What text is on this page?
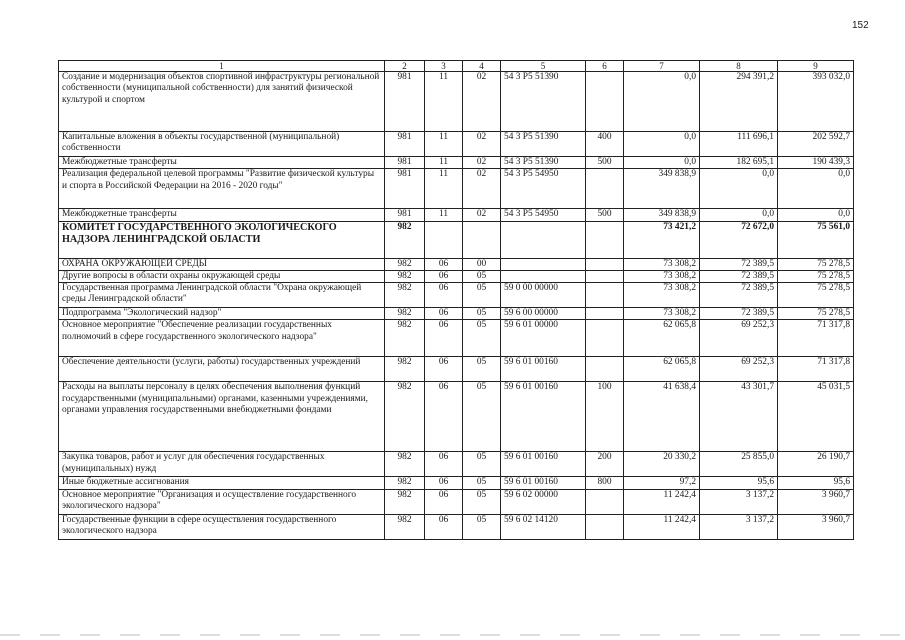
152
1	2	3	4	5	6	7	8	9
Создание и модернизация объектов спортивной инфраструктуры региональной собственности (муниципальной собственности) для занятий физической культурой и спортом	981	11	02	54 3 Р5 51390		0,0	294 391,2	393 032,0
Капитальные вложения в объекты государственной (муниципальной) собственности	981	11	02	54 3 Р5 51390	400	0,0	111 696,1	202 592,7
Межбюджетные трансферты	981	11	02	54 3 Р5 51390	500	0,0	182 695,1	190 439,3
Реализация федеральной целевой программы "Развитие физической культуры и спорта в Российской Федерации на 2016 - 2020 годы"	981	11	02	54 3 Р5 54950		349 838,9	0,0	0,0
Межбюджетные трансферты	981	11	02	54 3 Р5 54950	500	349 838,9	0,0	0,0
КОМИТЕТ ГОСУДАРСТВЕННОГО ЭКОЛОГИЧЕСКОГО НАДЗОРА ЛЕНИНГРАДСКОЙ ОБЛАСТИ	982					73 421,2	72 672,0	75 561,0
ОХРАНА ОКРУЖАЮЩЕЙ СРЕДЫ	982	06	00			73 308,2	72 389,5	75 278,5
Другие вопросы в области охраны окружающей среды	982	06	05			73 308,2	72 389,5	75 278,5
Государственная программа Ленинградской области "Охрана окружающей среды Ленинградской области"	982	06	05	59 0 00 00000		73 308,2	72 389,5	75 278,5
Подпрограмма "Экологический надзор"	982	06	05	59 6 00 00000		73 308,2	72 389,5	75 278,5
Основное мероприятие "Обеспечение реализации государственных полномочий в сфере государственного экологического надзора"	982	06	05	59 6 01 00000		62 065,8	69 252,3	71 317,8
Обеспечение деятельности (услуги, работы) государственных учреждений	982	06	05	59 6 01 00160		62 065,8	69 252,3	71 317,8
Расходы на выплаты персоналу в целях обеспечения выполнения функций государственными (муниципальными) органами, казенными учреждениями, органами управления государственными внебюджетными фондами	982	06	05	59 6 01 00160	100	41 638,4	43 301,7	45 031,5
Закупка товаров, работ и услуг для обеспечения государственных (муниципальных) нужд	982	06	05	59 6 01 00160	200	20 330,2	25 855,0	26 190,7
Иные бюджетные ассигнования	982	06	05	59 6 01 00160	800	97,2	95,6	95,6
Основное мероприятие "Организация и осуществление государственного экологического надзора"	982	06	05	59 6 02 00000		11 242,4	3 137,2	3 960,7
Государственные функции в сфере осуществления государственного экологического надзора	982	06	05	59 6 02 14120		11 242,4	3 137,2	3 960,7
